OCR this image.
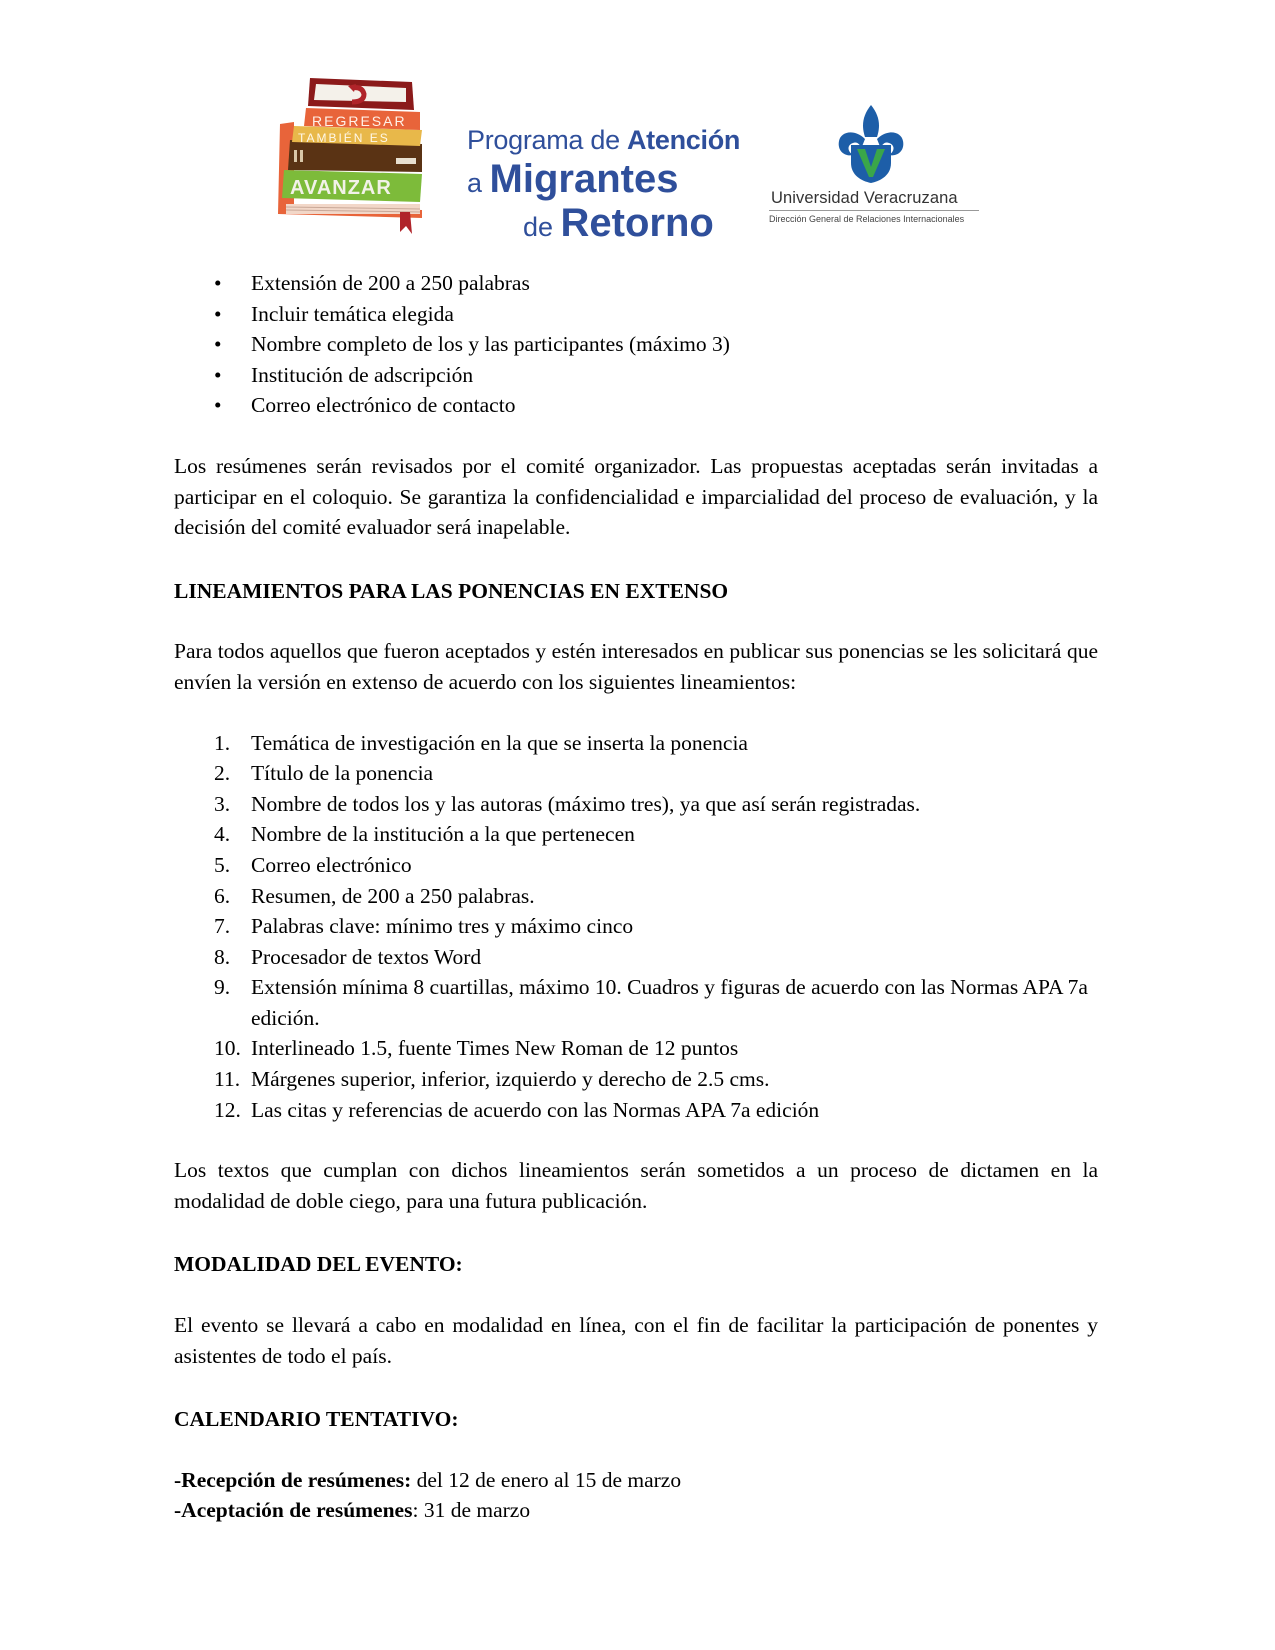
AVANZAR
TAMBIÉN ES
REGRESAR
Programa de Atención
a Migrantes
de Retorno
Universidad Veracruzana
Dirección General de Relaciones Internacionales
• Extensión de 200 a 250 palabras
• Incluir temática elegida
• Nombre completo de los y las participantes (máximo 3)
• Institución de adscripción
• Correo electrónico de contacto

Los resúmenes serán revisados por el comité organizador. Las propuestas aceptadas serán invitadas a participar en el coloquio. Se garantiza la confidencialidad e imparcialidad del proceso de evaluación, y la decisión del comité evaluador será inapelable.

LINEAMIENTOS PARA LAS PONENCIAS EN EXTENSO

Para todos aquellos que fueron aceptados y estén interesados en publicar sus ponencias se les solicitará que envíen la versión en extenso de acuerdo con los siguientes lineamientos:

1. Temática de investigación en la que se inserta la ponencia
2. Título de la ponencia
3. Nombre de todos los y las autoras (máximo tres), ya que así serán registradas.
4. Nombre de la institución a la que pertenecen
5. Correo electrónico
6. Resumen, de 200 a 250 palabras.
7. Palabras clave: mínimo tres y máximo cinco
8. Procesador de textos Word
9. Extensión mínima 8 cuartillas, máximo 10. Cuadros y figuras de acuerdo con las Normas APA 7a edición.
10. Interlineado 1.5, fuente Times New Roman de 12 puntos
11. Márgenes superior, inferior, izquierdo y derecho de 2.5 cms.
12. Las citas y referencias de acuerdo con las Normas APA 7a edición

Los textos que cumplan con dichos lineamientos serán sometidos a un proceso de dictamen en la modalidad de doble ciego, para una futura publicación.

MODALIDAD DEL EVENTO:

El evento se llevará a cabo en modalidad en línea, con el fin de facilitar la participación de ponentes y asistentes de todo el país.

CALENDARIO TENTATIVO:
-Recepción de resúmenes: del 12 de enero al 15 de marzo
-Aceptación de resúmenes: 31 de marzo
